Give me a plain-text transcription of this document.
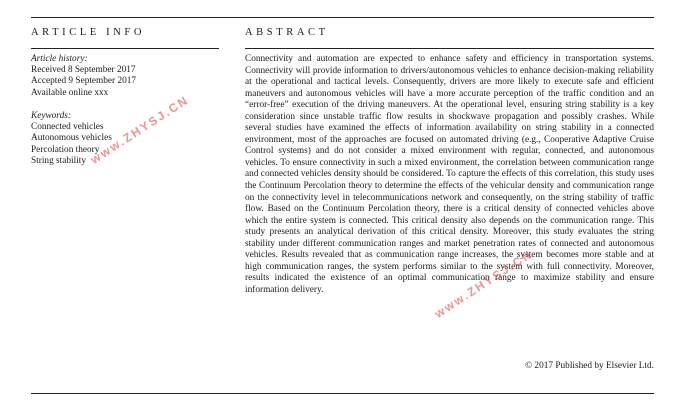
ARTICLE INFO	ABSTRACT
Article history:
Received 8 September 2017
Accepted 9 September 2017
Available online xxx
Keywords:
Connected vehicles
Autonomous vehicles
Percolation theory
String stability
Connectivity and automation are expected to enhance safety and efficiency in transportation systems. Connectivity will provide information to drivers/autonomous vehicles to enhance decision-making reliability at the operational and tactical levels. Consequently, drivers are more likely to execute safe and efficient maneuvers and autonomous vehicles will have a more accurate perception of the traffic condition and an “error-free” execution of the driving maneuvers. At the operational level, ensuring string stability is a key consideration since unstable traffic flow results in shockwave propagation and possibly crashes. While several studies have examined the effects of information availability on string stability in a connected environment, most of the approaches are focused on automated driving (e.g., Cooperative Adaptive Cruise Control systems) and do not consider a mixed environment with regular, connected, and autonomous vehicles. To ensure connectivity in such a mixed environment, the correlation between communication range and connected vehicles density should be considered. To capture the effects of this correlation, this study uses the Continuum Percolation theory to determine the effects of the vehicular density and communication range on the connectivity level in telecommunications network and consequently, on the string stability of traffic flow. Based on the Continuum Percolation theory, there is a critical density of connected vehicles above which the entire system is connected. This critical density also depends on the communication range. This study presents an analytical derivation of this critical density. Moreover, this study evaluates the string stability under different communication ranges and market penetration rates of connected and autonomous vehicles. Results revealed that as communication range increases, the system becomes more stable and at high communication ranges, the system performs similar to the system with full connectivity. Moreover, results indicated the existence of an optimal communication range to maximize stability and ensure information delivery.
© 2017 Published by Elsevier Ltd.
www.ZHYSJ.CN
www.ZHYSJ.CN
